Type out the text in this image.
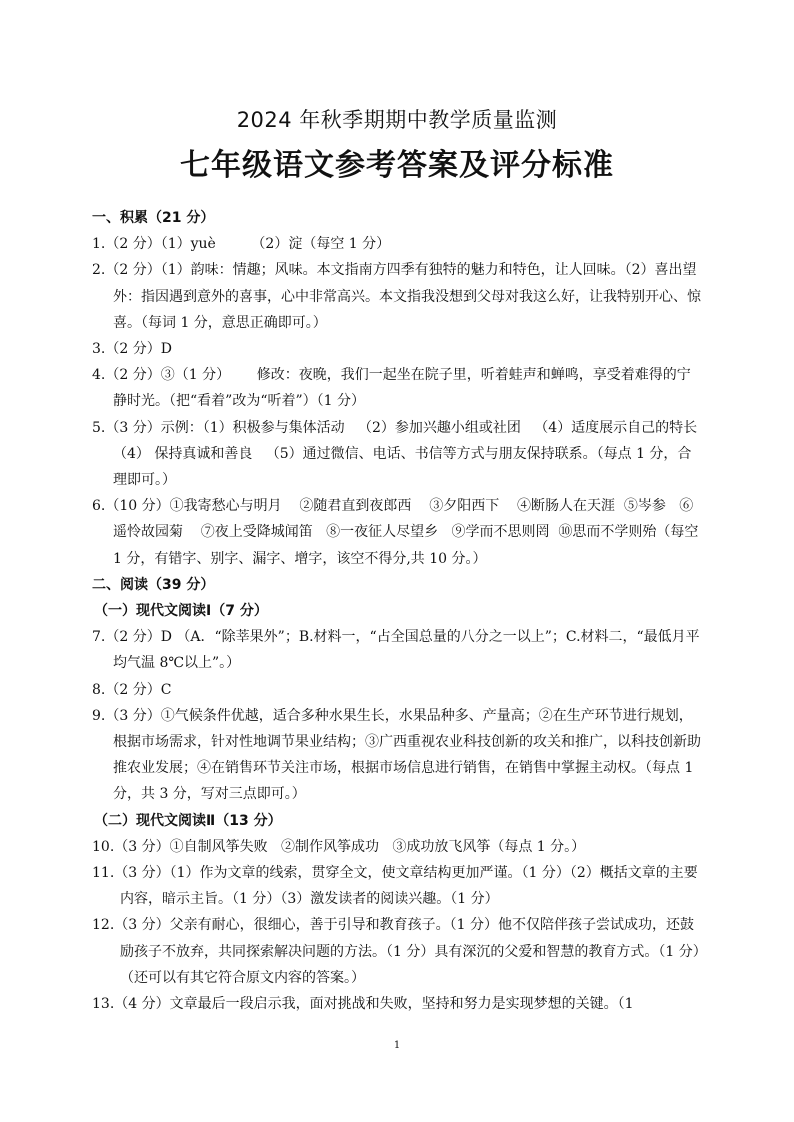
2024 年秋季期期中教学质量监测
七年级语文参考答案及评分标准
一、积累（21 分）
1.（2 分）（1）yuè        （2）淀（每空 1 分）
2.（2 分）（1）韵味：情趣；风味。本文指南方四季有独特的魅力和特色，让人回味。（2）喜出望外：指因遇到意外的喜事，心中非常高兴。本文指我没想到父母对我这么好，让我特别开心、惊喜。（每词 1 分，意思正确即可。）
3.（2 分）D
4.（2 分）③（1 分）      修改：夜晚，我们一起坐在院子里，听着蛙声和蝉鸣，享受着难得的宁静时光。（把“看着”改为“听着”）（1 分）
5.（3 分）示例：（1）积极参与集体活动   （2）参加兴趣小组或社团   （4）适度展示自己的特长   （4） 保持真诚和善良   （5）通过微信、电话、书信等方式与朋友保持联系。（每点 1 分，合理即可。）
6.（10 分）①我寄愁心与明月    ②随君直到夜郎西    ③夕阳西下    ④断肠人在天涯  ⑤岑参   ⑥遥怜故园菊    ⑦夜上受降城闻笛   ⑧一夜征人尽望乡   ⑨学而不思则罔  ⑩思而不学则殆（每空 1 分，有错字、别字、漏字、增字，该空不得分,共 10 分。）
二、阅读（39 分）
（一）现代文阅读Ⅰ（7 分）
7.（2 分）D （A．“除莘果外”；B.材料一，“占全国总量的八分之一以上”；C.材料二，“最低月平均气温 8℃以上”。）
8.（2 分）C
9.（3 分）①气候条件优越，适合多种水果生长，水果品种多、产量高；②在生产环节进行规划，根据市场需求，针对性地调节果业结构；③广西重视农业科技创新的攻关和推广，以科技创新助推农业发展；④在销售环节关注市场，根据市场信息进行销售，在销售中掌握主动权。（每点 1 分，共 3 分，写对三点即可。）
（二）现代文阅读Ⅱ（13 分）
10.（3 分）①自制风筝失败   ②制作风筝成功   ③成功放飞风筝（每点 1 分。）
11.（3 分）（1）作为文章的线索，贯穿全文，使文章结构更加严谨。（1 分）（2）概括文章的主要内容，暗示主旨。（1 分）（3）激发读者的阅读兴趣。（1 分）
12.（3 分）父亲有耐心，很细心，善于引导和教育孩子。（1 分）他不仅陪伴孩子尝试成功，还鼓励孩子不放弃，共同探索解决问题的方法。（1 分）具有深沉的父爱和智慧的教育方式。（1 分）（还可以有其它符合原文内容的答案。）
13.（4 分）文章最后一段启示我，面对挑战和失败，坚持和努力是实现梦想的关键。（1
1
